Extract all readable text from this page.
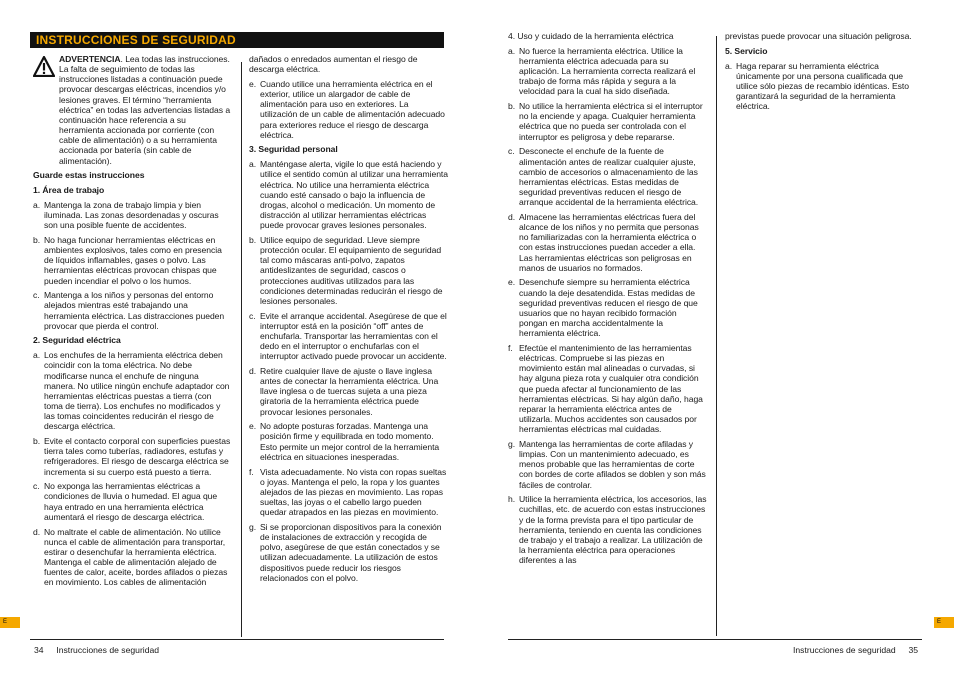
INSTRUCCIONES DE SEGURIDAD
ADVERTENCIA. Lea todas las instrucciones. La falta de seguimiento de todas las instrucciones listadas a continuación puede provocar descargas eléctricas, incendios y/o lesiones graves. El término “herramienta eléctrica” en todas las advertencias listadas a continuación hace referencia a su herramienta accionada por corriente (con cable de alimentación) o a su herramienta accionada por batería (sin cable de alimentación).
Guarde estas instrucciones
1. Área de trabajo
a. Mantenga la zona de trabajo limpia y bien iluminada. Las zonas desordenadas y oscuras son una posible fuente de accidentes.
b. No haga funcionar herramientas eléctricas en ambientes explosivos, tales como en presencia de líquidos inflamables, gases o polvo. Las herramientas eléctricas provocan chispas que pueden incendiar el polvo o los humos.
c. Mantenga a los niños y personas del entorno alejados mientras esté trabajando una herramienta eléctrica. Las distracciones pueden provocar que pierda el control.
2. Seguridad eléctrica
a. Los enchufes de la herramienta eléctrica deben coincidir con la toma eléctrica. No debe modificarse nunca el enchufe de ninguna manera. No utilice ningún enchufe adaptador con herramientas eléctricas puestas a tierra (con toma de tierra). Los enchufes no modificados y las tomas coincidentes reducirán el riesgo de descarga eléctrica.
b. Evite el contacto corporal con superficies puestas tierra tales como tuberías, radiadores, estufas y refrigeradores. El riesgo de descarga eléctrica se incrementa si su cuerpo está puesto a tierra.
c. No exponga las herramientas eléctricas a condiciones de lluvia o humedad. El agua que haya entrado en una herramienta eléctrica aumentará el riesgo de descarga eléctrica.
d. No maltrate el cable de alimentación. No utilice nunca el cable de alimentación para transportar, estirar o desenchufar la herramienta eléctrica. Mantenga el cable de alimentación alejado de fuentes de calor, aceite, bordes afilados o piezas en movimiento. Los cables de alimentación

dañados o enredados aumentan el riesgo de descarga eléctrica.

e. Cuando utilice una herramienta eléctrica en el exterior, utilice un alargador de cable de alimentación para uso en exteriores. La utilización de un cable de alimentación adecuado para exteriores reduce el riesgo de descarga eléctrica.
3. Seguridad personal
a. Manténgase alerta, vigile lo que está haciendo y utilice el sentido común al utilizar una herramienta eléctrica. No utilice una herramienta eléctrica cuando esté cansado o bajo la influencia de drogas, alcohol o medicación. Un momento de distracción al utilizar herramientas eléctricas puede provocar graves lesiones personales.
b. Utilice equipo de seguridad. Lleve siempre protección ocular. El equipamiento de seguridad tal como máscaras anti-polvo, zapatos antideslizantes de seguridad, cascos o protecciones auditivas utilizados para las condiciones determinadas reducirán el riesgo de lesiones personales.
c. Evite el arranque accidental. Asegúrese de que el interruptor está en la posición “off” antes de enchufarla. Transportar las herramientas con el dedo en el interruptor o enchufarlas con el interruptor activado puede provocar un accidente.
d. Retire cualquier llave de ajuste o llave inglesa antes de conectar la herramienta eléctrica. Una llave inglesa o de tuercas sujeta a una pieza giratoria de la herramienta eléctrica puede provocar lesiones personales.
e. No adopte posturas forzadas. Mantenga una posición firme y equilibrada en todo momento. Esto permite un mejor control de la herramienta eléctrica en situaciones inesperadas.
f. Vista adecuadamente. No vista con ropas sueltas o joyas. Mantenga el pelo, la ropa y los guantes alejados de las piezas en movimiento. Las ropas sueltas, las joyas o el cabello largo pueden quedar atrapados en las piezas en movimiento.
g. Si se proporcionan dispositivos para la conexión de instalaciones de extracción y recogida de polvo, asegúrese de que están conectados y se utilizan adecuadamente. La utilización de estos dispositivos puede reducir los riesgos relacionados con el polvo.
E
34 Instrucciones de seguridad

4. Uso y cuidado de la herramienta eléctrica

a. No fuerce la herramienta eléctrica. Utilice la herramienta eléctrica adecuada para su aplicación. La herramienta correcta realizará el trabajo de forma más rápida y segura a la velocidad para la cual ha sido diseñada.
b. No utilice la herramienta eléctrica si el interruptor no la enciende y apaga. Cualquier herramienta eléctrica que no pueda ser controlada con el interruptor es peligrosa y debe repararse.
c. Desconecte el enchufe de la fuente de alimentación antes de realizar cualquier ajuste, cambio de accesorios o almacenamiento de las herramientas eléctricas. Estas medidas de seguridad preventivas reducen el riesgo de arranque accidental de la herramienta eléctrica.
d. Almacene las herramientas eléctricas fuera del alcance de los niños y no permita que personas no familiarizadas con la herramienta eléctrica o con estas instrucciones puedan acceder a ella. Las herramientas eléctricas son peligrosas en manos de usuarios no formados.
e. Desenchufe siempre su herramienta eléctrica cuando la deje desatendida. Estas medidas de seguridad preventivas reducen el riesgo de que usuarios que no hayan recibido formación pongan en marcha accidentalmente la herramienta eléctrica.
f. Efectúe el mantenimiento de las herramientas eléctricas. Compruebe si las piezas en movimiento están mal alineadas o curvadas, si hay alguna pieza rota y cualquier otra condición que pueda afectar al funcionamiento de las herramientas eléctricas. Si hay algún daño, haga reparar la herramienta eléctrica antes de utilizarla. Muchos accidentes son causados por herramientas eléctricas mal cuidadas.
g. Mantenga las herramientas de corte afiladas y limpias. Con un mantenimiento adecuado, es menos probable que las herramientas de corte con bordes de corte afilados se doblen y son más fáciles de controlar.
h. Utilice la herramienta eléctrica, los accesorios, las cuchillas, etc. de acuerdo con estas instrucciones y de la forma prevista para el tipo particular de herramienta, teniendo en cuenta las condiciones de trabajo y el trabajo a realizar. La utilización de la herramienta eléctrica para operaciones diferentes a las

previstas puede provocar una situación peligrosa.

5. Servicio
a. Haga reparar su herramienta eléctrica únicamente por una persona cualificada que utilice sólo piezas de recambio idénticas. Esto garantizará la seguridad de la herramienta eléctrica.
E
Instrucciones de seguridad 35
